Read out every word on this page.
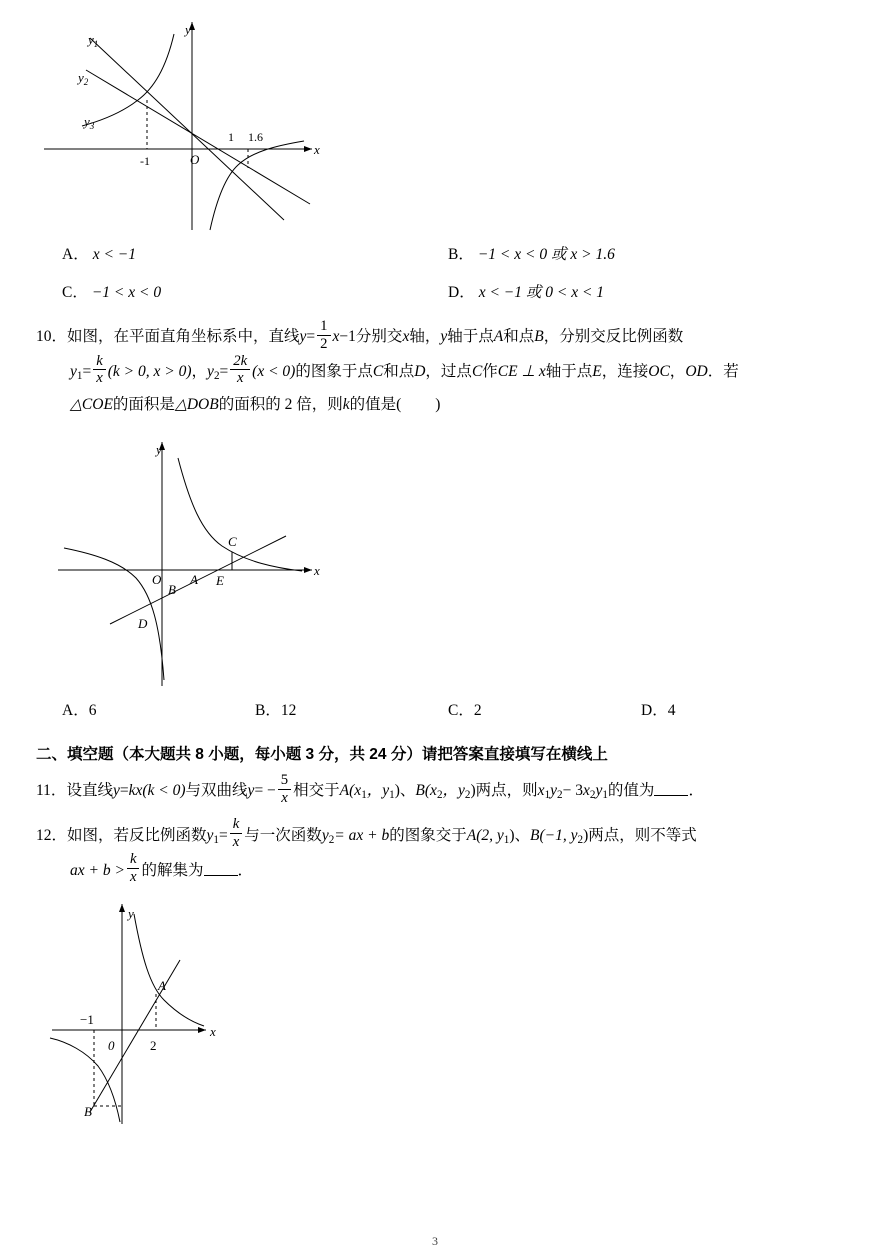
$y_1$
$y_2$
$y_3$
y
x
O
-1
1 1.6
A． x < −1	B． −1 < x < 0 或 x > 1.6
C． −1 < x < 0	D． x < −1 或 0 < x < 1
10．如图，在平面直角坐标系中，直线$y= \frac{1}{2} x-1$分别交x轴，y轴于点A和点B，分别交反比例函数
$y_1= \frac{k}{x} (k > 0$, x > 0)，$y_2= \frac{2k}{x} (x < 0)$的图象于点C和点D，过点C作CE ⊥ x轴于点E，连接OC，OD．若
△COE的面积是△DOB的面积的 2 倍，则k的值是( )
y
x
O
B
A E
C
D
A．6	B．12	C．2	D．4
二、填空题（本大题共 8 小题，每小题 3 分，共 24 分）请把答案直接填写在横线上
11．设直线y=kx(k < 0)与双曲线$y= - \frac{5}{x}$ 相交于$A(x_1$，$y_1$)、$B(x_2$，$y_2$)两点，则$x_1y_2- 3x_2y_1$的值为 ．
12．如图，若反比例函数$y_1= \frac{k}{x}$ 与一次函数$y_2=$ ax + b的图象交于A(2, $y_1$)、B(−1, $y_2$)两点，则不等式
ax + $b > \frac{k}{x}$ 的解集为 ．
y
x
0
A
B
−1
2
3
